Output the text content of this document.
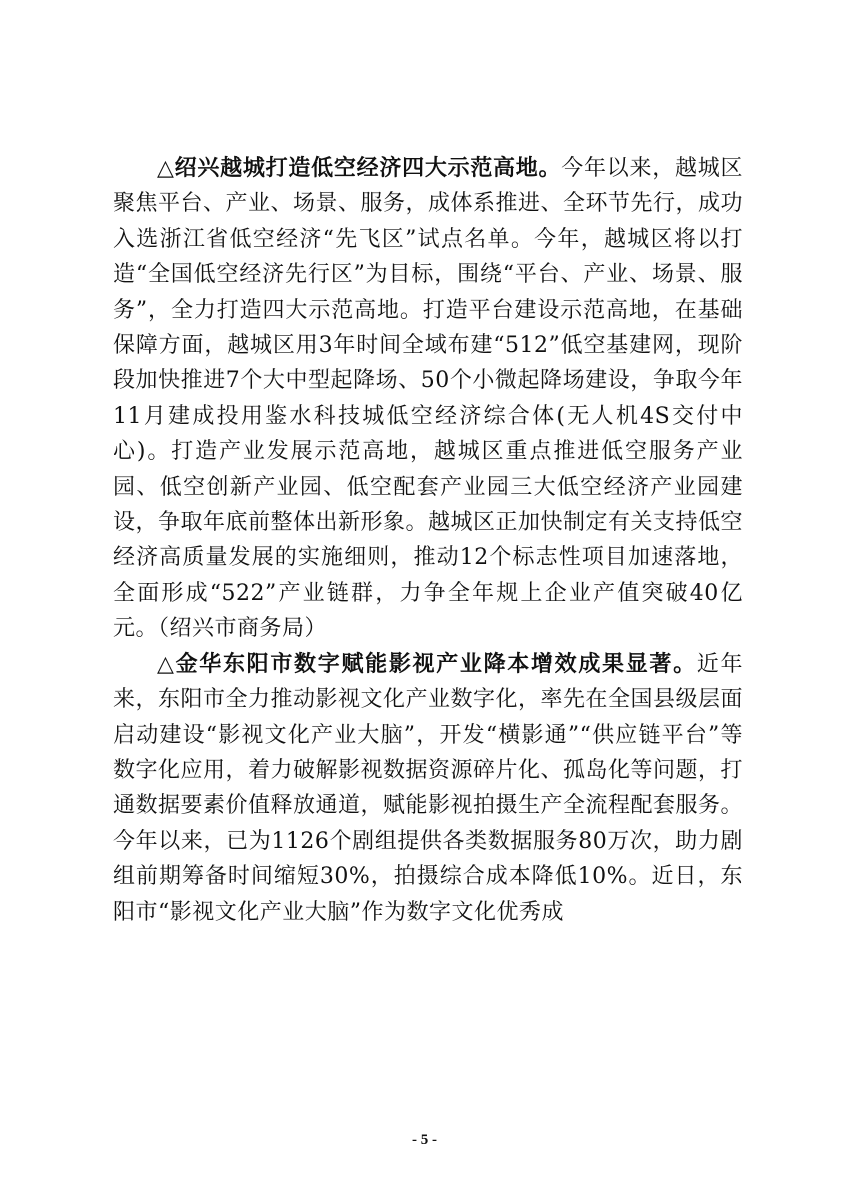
△绍兴越城打造低空经济四大示范高地。今年以来，越城区聚焦平台、产业、场景、服务，成体系推进、全环节先行，成功入选浙江省低空经济“先飞区”试点名单。今年，越城区将以打造“全国低空经济先行区”为目标，围绕“平台、产业、场景、服务”，全力打造四大示范高地。打造平台建设示范高地，在基础保障方面，越城区用3年时间全域布建“512”低空基建网，现阶段加快推进7个大中型起降场、50个小微起降场建设，争取今年11月建成投用鉴水科技城低空经济综合体(无人机4S交付中心)。打造产业发展示范高地，越城区重点推进低空服务产业园、低空创新产业园、低空配套产业园三大低空经济产业园建设，争取年底前整体出新形象。越城区正加快制定有关支持低空经济高质量发展的实施细则，推动12个标志性项目加速落地，全面形成“522”产业链群，力争全年规上企业产值突破40亿元。（绍兴市商务局）

△金华东阳市数字赋能影视产业降本增效成果显著。近年来，东阳市全力推动影视文化产业数字化，率先在全国县级层面启动建设“影视文化产业大脑”，开发“横影通”“供应链平台”等数字化应用，着力破解影视数据资源碎片化、孤岛化等问题，打通数据要素价值释放通道，赋能影视拍摄生产全流程配套服务。今年以来，已为1126个剧组提供各类数据服务80万次，助力剧组前期筹备时间缩短30%，拍摄综合成本降低10%。近日，东阳市“影视文化产业大脑”作为数字文化优秀成

- 5 -
